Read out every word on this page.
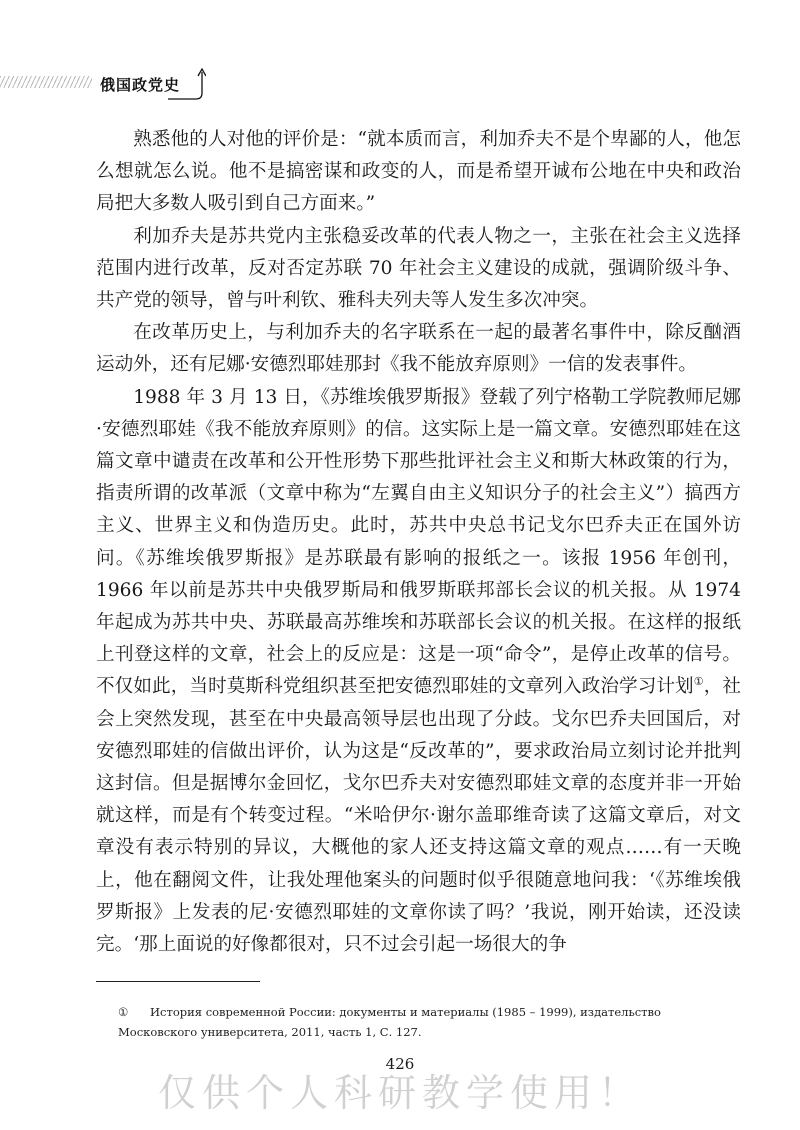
俄国政党史

熟悉他的人对他的评价是：“就本质而言，利加乔夫不是个卑鄙的人，他怎么想就怎么说。他不是搞密谋和政变的人，而是希望开诚布公地在中央和政治局把大多数人吸引到自己方面来。”

利加乔夫是苏共党内主张稳妥改革的代表人物之一，主张在社会主义选择范围内进行改革，反对否定苏联 70 年社会主义建设的成就，强调阶级斗争、共产党的领导，曾与叶利钦、雅科夫列夫等人发生多次冲突。

在改革历史上，与利加乔夫的名字联系在一起的最著名事件中，除反酗酒运动外，还有尼娜·安德烈耶娃那封《我不能放弃原则》一信的发表事件。

1988 年 3 月 13 日，《苏维埃俄罗斯报》登载了列宁格勒工学院教师尼娜·安德烈耶娃《我不能放弃原则》的信。这实际上是一篇文章。安德烈耶娃在这篇文章中谴责在改革和公开性形势下那些批评社会主义和斯大林政策的行为，指责所谓的改革派（文章中称为“左翼自由主义知识分子的社会主义”）搞西方主义、世界主义和伪造历史。此时，苏共中央总书记戈尔巴乔夫正在国外访问。《苏维埃俄罗斯报》是苏联最有影响的报纸之一。该报 1956 年创刊，1966 年以前是苏共中央俄罗斯局和俄罗斯联邦部长会议的机关报。从 1974 年起成为苏共中央、苏联最高苏维埃和苏联部长会议的机关报。在这样的报纸上刊登这样的文章，社会上的反应是：这是一项“命令”，是停止改革的信号。不仅如此，当时莫斯科党组织甚至把安德烈耶娃的文章列入政治学习计划①，社会上突然发现，甚至在中央最高领导层也出现了分歧。戈尔巴乔夫回国后，对安德烈耶娃的信做出评价，认为这是“反改革的”，要求政治局立刻讨论并批判这封信。但是据博尔金回忆，戈尔巴乔夫对安德烈耶娃文章的态度并非一开始就这样，而是有个转变过程。“米哈伊尔·谢尔盖耶维奇读了这篇文章后，对文章没有表示特别的异议，大概他的家人还支持这篇文章的观点……有一天晚上，他在翻阅文件，让我处理他案头的问题时似乎很随意地问我：‘《苏维埃俄罗斯报》上发表的尼·安德烈耶娃的文章你读了吗？’我说，刚开始读，还没读完。‘那上面说的好像都很对，只不过会引起一场很大的争

① История современной России: документы и материалы (1985 – 1999), издательство Московского университета, 2011, часть 1, С. 127.
426
仅供个人科研教学使用！
